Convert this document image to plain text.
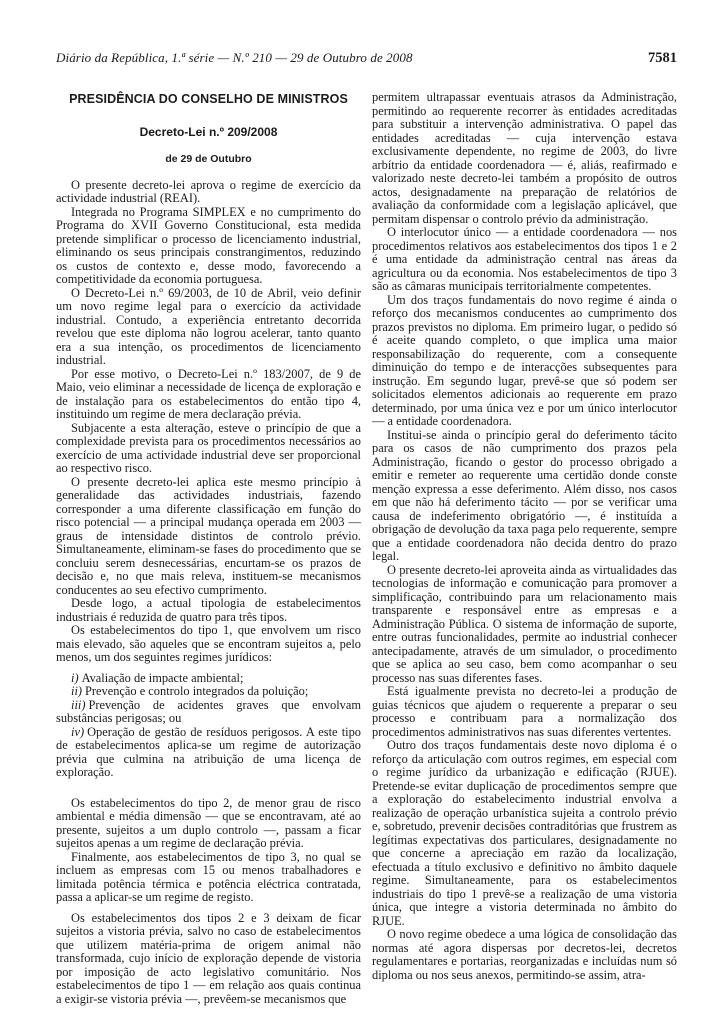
Diário da República, 1.ª série — N.º 210 — 29 de Outubro de 2008	7581
PRESIDÊNCIA DO CONSELHO DE MINISTROS
Decreto-Lei n.º 209/2008
de 29 de Outubro

O presente decreto-lei aprova o regime de exercício da actividade industrial (REAI).

Integrada no Programa SIMPLEX e no cumprimento do Programa do XVII Governo Constitucional, esta medida pretende simplificar o processo de licenciamento industrial, eliminando os seus principais constrangimentos, reduzindo os custos de contexto e, desse modo, favorecendo a competitividade da economia portuguesa.

O Decreto-Lei n.º 69/2003, de 10 de Abril, veio definir um novo regime legal para o exercício da actividade industrial. Contudo, a experiência entretanto decorrida revelou que este diploma não logrou acelerar, tanto quanto era a sua intenção, os procedimentos de licenciamento industrial.

Por esse motivo, o Decreto-Lei n.º 183/2007, de 9 de Maio, veio eliminar a necessidade de licença de exploração e de instalação para os estabelecimentos do então tipo 4, instituindo um regime de mera declaração prévia.

Subjacente a esta alteração, esteve o princípio de que a complexidade prevista para os procedimentos necessários ao exercício de uma actividade industrial deve ser proporcional ao respectivo risco.

O presente decreto-lei aplica este mesmo princípio à generalidade das actividades industriais, fazendo corresponder a uma diferente classificação em função do risco potencial — a principal mudança operada em 2003 — graus de intensidade distintos de controlo prévio. Simultaneamente, eliminam-se fases do procedimento que se concluiu serem desnecessárias, encurtam-se os prazos de decisão e, no que mais releva, instituem-se mecanismos conducentes ao seu efectivo cumprimento.

Desde logo, a actual tipologia de estabelecimentos industriais é reduzida de quatro para três tipos.

Os estabelecimentos do tipo 1, que envolvem um risco mais elevado, são aqueles que se encontram sujeitos a, pelo menos, um dos seguintes regimes jurídicos:

i) Avaliação de impacte ambiental;

ii) Prevenção e controlo integrados da poluição;

iii) Prevenção de acidentes graves que envolvam substâncias perigosas; ou

iv) Operação de gestão de resíduos perigosos. A este tipo de estabelecimentos aplica-se um regime de autorização prévia que culmina na atribuição de uma licença de exploração.

Os estabelecimentos do tipo 2, de menor grau de risco ambiental e média dimensão — que se encontravam, até ao presente, sujeitos a um duplo controlo —, passam a ficar sujeitos apenas a um regime de declaração prévia.

Finalmente, aos estabelecimentos de tipo 3, no qual se incluem as empresas com 15 ou menos trabalhadores e limitada potência térmica e potência eléctrica contratada, passa a aplicar-se um regime de registo.

Os estabelecimentos dos tipos 2 e 3 deixam de ficar sujeitos a vistoria prévia, salvo no caso de estabelecimentos que utilizem matéria-prima de origem animal não transformada, cujo início de exploração depende de vistoria por imposição de acto legislativo comunitário. Nos estabelecimentos de tipo 1 — em relação aos quais continua a exigir-se vistoria prévia —, prevêem-se mecanismos que

permitem ultrapassar eventuais atrasos da Administração, permitindo ao requerente recorrer às entidades acreditadas para substituir a intervenção administrativa. O papel das entidades acreditadas — cuja intervenção estava exclusivamente dependente, no regime de 2003, do livre arbítrio da entidade coordenadora — é, aliás, reafirmado e valorizado neste decreto-lei também a propósito de outros actos, designadamente na preparação de relatórios de avaliação da conformidade com a legislação aplicável, que permitam dispensar o controlo prévio da administração.

O interlocutor único — a entidade coordenadora — nos procedimentos relativos aos estabelecimentos dos tipos 1 e 2 é uma entidade da administração central nas áreas da agricultura ou da economia. Nos estabelecimentos de tipo 3 são as câmaras municipais territorialmente competentes.

Um dos traços fundamentais do novo regime é ainda o reforço dos mecanismos conducentes ao cumprimento dos prazos previstos no diploma. Em primeiro lugar, o pedido só é aceite quando completo, o que implica uma maior responsabilização do requerente, com a consequente diminuição do tempo e de interacções subsequentes para instrução. Em segundo lugar, prevê-se que só podem ser solicitados elementos adicionais ao requerente em prazo determinado, por uma única vez e por um único interlocutor — a entidade coordenadora.

Institui-se ainda o princípio geral do deferimento tácito para os casos de não cumprimento dos prazos pela Administração, ficando o gestor do processo obrigado a emitir e remeter ao requerente uma certidão donde conste menção expressa a esse deferimento. Além disso, nos casos em que não há deferimento tácito — por se verificar uma causa de indeferimento obrigatório —, é instituída a obrigação de devolução da taxa paga pelo requerente, sempre que a entidade coordenadora não decida dentro do prazo legal.

O presente decreto-lei aproveita ainda as virtualidades das tecnologias de informação e comunicação para promover a simplificação, contribuindo para um relacionamento mais transparente e responsável entre as empresas e a Administração Pública. O sistema de informação de suporte, entre outras funcionalidades, permite ao industrial conhecer antecipadamente, através de um simulador, o procedimento que se aplica ao seu caso, bem como acompanhar o seu processo nas suas diferentes fases.

Está igualmente prevista no decreto-lei a produção de guias técnicos que ajudem o requerente a preparar o seu processo e contribuam para a normalização dos procedimentos administrativos nas suas diferentes vertentes.

Outro dos traços fundamentais deste novo diploma é o reforço da articulação com outros regimes, em especial com o regime jurídico da urbanização e edificação (RJUE). Pretende-se evitar duplicação de procedimentos sempre que a exploração do estabelecimento industrial envolva a realização de operação urbanística sujeita a controlo prévio e, sobretudo, prevenir decisões contraditórias que frustrem as legítimas expectativas dos particulares, designadamente no que concerne a apreciação em razão da localização, efectuada a título exclusivo e definitivo no âmbito daquele regime. Simultaneamente, para os estabelecimentos industriais do tipo 1 prevê-se a realização de uma vistoria única, que integre a vistoria determinada no âmbito do RJUE.

O novo regime obedece a uma lógica de consolidação das normas até agora dispersas por decretos-lei, decretos regulamentares e portarias, reorganizadas e incluídas num só diploma ou nos seus anexos, permitindo-se assim, atra-
